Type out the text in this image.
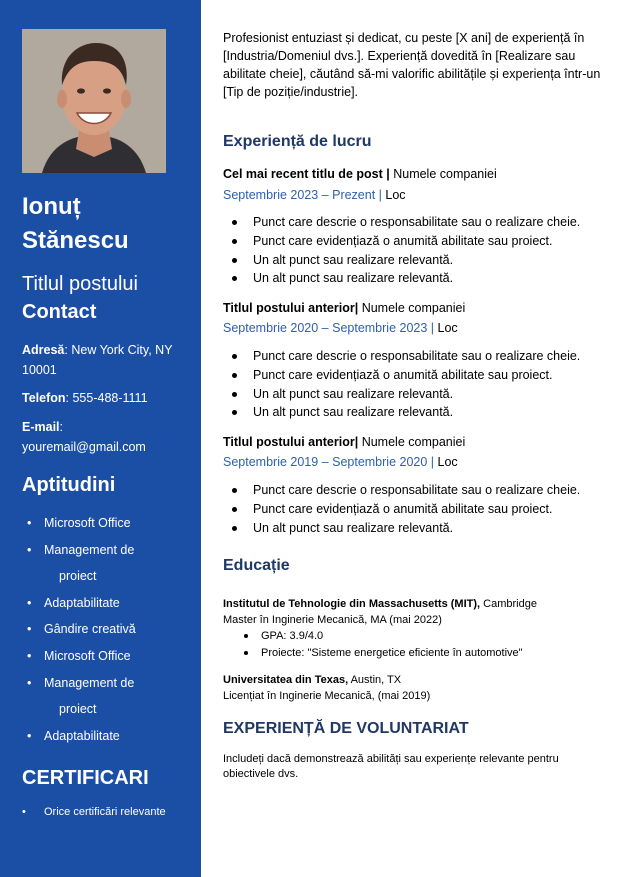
Ionuț
Stănescu
Titlul postului
Contact
Adresă: New York City, NY 10001
Telefon: 555-488-1111
E-mail:
youremail@gmail.com
Aptitudini
• Microsoft Office
• Management de
proiect
• Adaptabilitate
• Gândire creativă
• Microsoft Office
• Management de
proiect
• Adaptabilitate
CERTIFICARI
• Orice certificări relevante
Profesionist entuziast și dedicat, cu peste [X ani] de experiență în [Industria/Domeniul dvs.]. Experiență dovedită în [Realizare sau abilitate cheie], căutând să-mi valorific abilitățile și experiența într-un [Tip de poziție/industrie].
Experiență de lucru
Cel mai recent titlu de post | Numele companiei
Septembrie 2023 – Prezent | Loc
Punct care descrie o responsabilitate sau o realizare cheie.
Punct care evidențiază o anumită abilitate sau proiect.
Un alt punct sau realizare relevantă.
Un alt punct sau realizare relevantă.
Titlul postului anterior| Numele companiei
Septembrie 2020 – Septembrie 2023 | Loc
Punct care descrie o responsabilitate sau o realizare cheie.
Punct care evidențiază o anumită abilitate sau proiect.
Un alt punct sau realizare relevantă.
Un alt punct sau realizare relevantă.
Titlul postului anterior| Numele companiei
Septembrie 2019 – Septembrie 2020 | Loc
Punct care descrie o responsabilitate sau o realizare cheie.
Punct care evidențiază o anumită abilitate sau proiect.
Un alt punct sau realizare relevantă.
Educație
Institutul de Tehnologie din Massachusetts (MIT), Cambridge
Master în Inginerie Mecanică, MA (mai 2022)
GPA: 3.9/4.0
Proiecte: "Sisteme energetice eficiente în automotive"
Universitatea din Texas, Austin, TX
Licențiat în Inginerie Mecanică, (mai 2019)
EXPERIENȚĂ DE VOLUNTARIAT
Includeți dacă demonstrează abilități sau experiențe relevante pentru obiectivele dvs.
